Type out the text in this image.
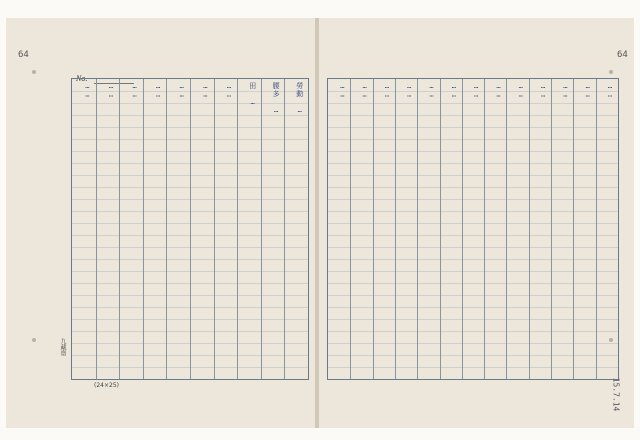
64
No.
勞動 …
腰多 …
田 …
……
……
……
……
……
……
……
九藏齋
(24×25)
64
……
……
……
……
……
……
……
……
……
……
……
……
……
15.7.14
